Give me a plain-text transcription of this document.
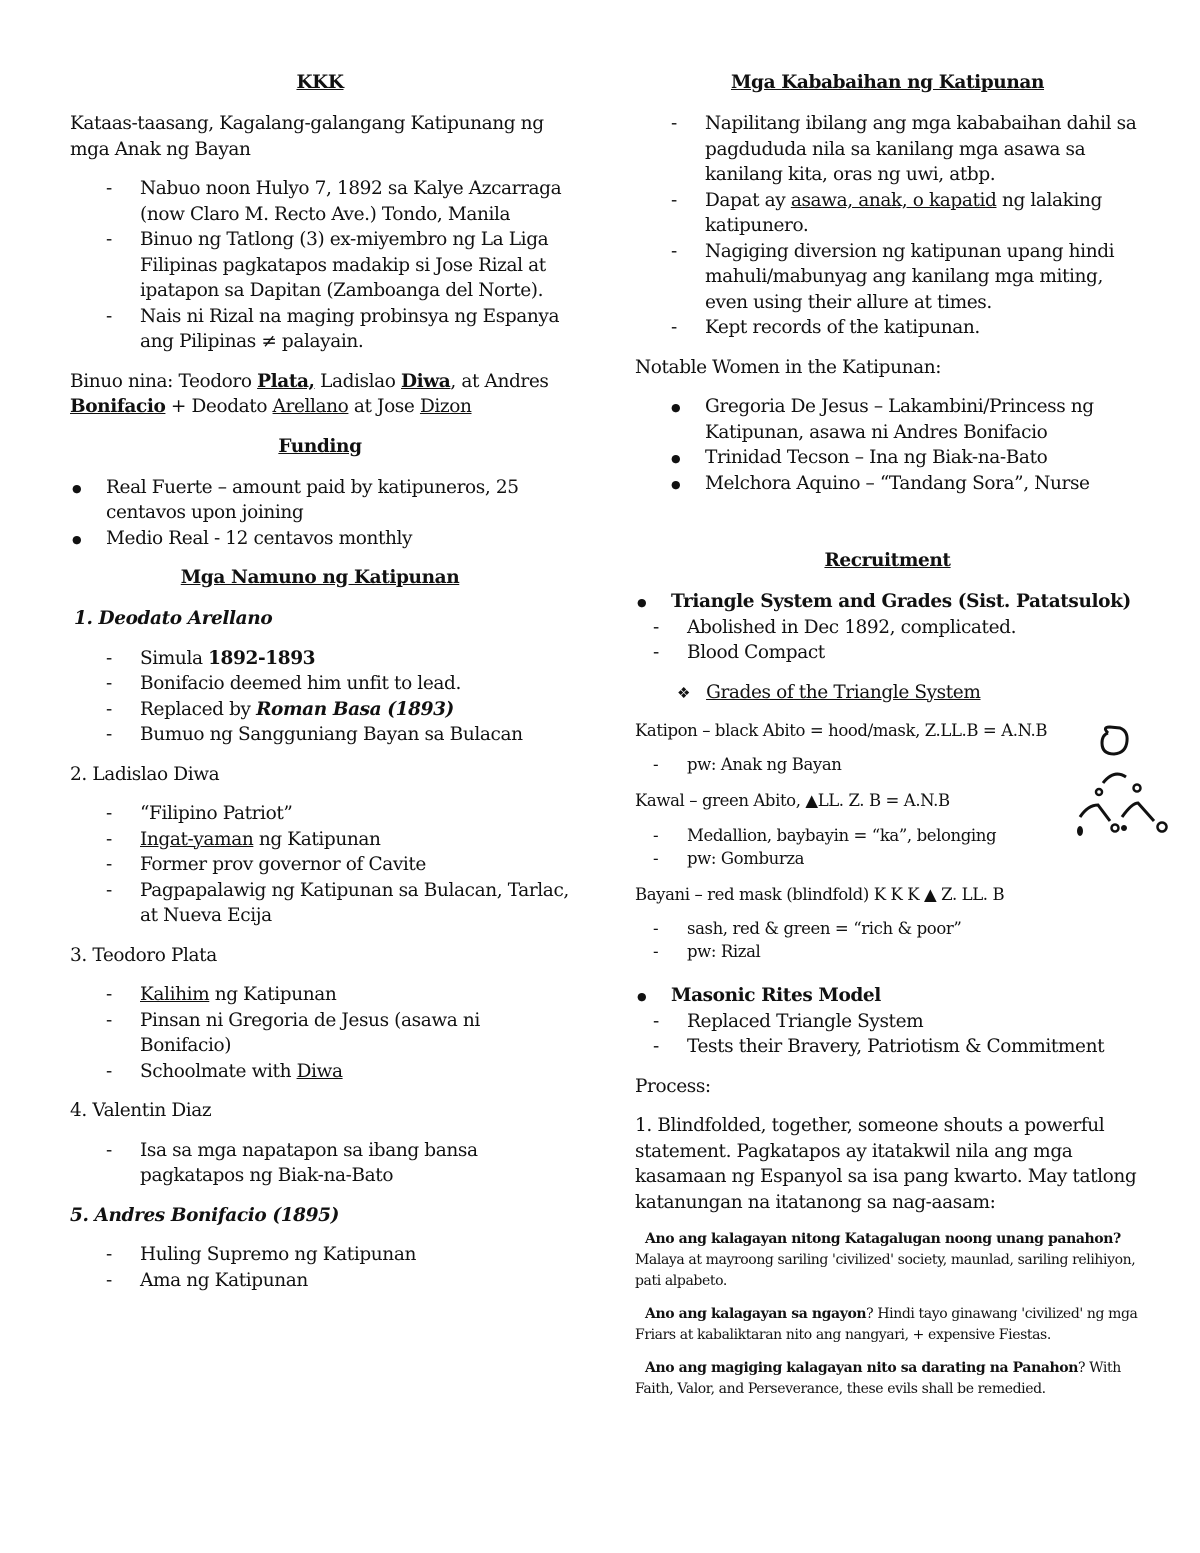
KKK

Kataas-taasang, Kagalang-galangang Katipunang ng mga Anak ng Bayan

- Nabuo noon Hulyo 7, 1892 sa Kalye Azcarraga (now Claro M. Recto Ave.) Tondo, Manila
- Binuo ng Tatlong (3) ex-miyembro ng La Liga Filipinas pagkatapos madakip si Jose Rizal at ipatapon sa Dapitan (Zamboanga del Norte).
- Nais ni Rizal na maging probinsya ng Espanya ang Pilipinas ≠ palayain.

Binuo nina: Teodoro Plata, Ladislao Diwa, at Andres Bonifacio + Deodato Arellano at Jose Dizon

Funding
● Real Fuerte – amount paid by katipuneros, 25 centavos upon joining
● Medio Real - 12 centavos monthly
Mga Namuno ng Katipunan

1. Deodato Arellano

- Simula 1892-1893
- Bonifacio deemed him unfit to lead.
- Replaced by Roman Basa (1893)
- Bumuo ng Sangguniang Bayan sa Bulacan

2. Ladislao Diwa

- “Filipino Patriot”
- Ingat-yaman ng Katipunan
- Former prov governor of Cavite
- Pagpapalawig ng Katipunan sa Bulacan, Tarlac, at Nueva Ecija

3. Teodoro Plata

- Kalihim ng Katipunan
- Pinsan ni Gregoria de Jesus (asawa ni Bonifacio)
- Schoolmate with Diwa

4. Valentin Diaz

- Isa sa mga napatapon sa ibang bansa pagkatapos ng Biak-na-Bato

5. Andres Bonifacio (1895)

- Huling Supremo ng Katipunan
- Ama ng Katipunan
Mga Kababaihan ng Katipunan
- Napilitang ibilang ang mga kababaihan dahil sa pagdududa nila sa kanilang mga asawa sa kanilang kita, oras ng uwi, atbp.
- Dapat ay asawa, anak, o kapatid ng lalaking katipunero.
- Nagiging diversion ng katipunan upang hindi mahuli/mabunyag ang kanilang mga miting, even using their allure at times.
- Kept records of the katipunan.

Notable Women in the Katipunan:

● Gregoria De Jesus – Lakambini/Princess ng Katipunan, asawa ni Andres Bonifacio
● Trinidad Tecson – Ina ng Biak-na-Bato
● Melchora Aquino – “Tandang Sora”, Nurse
Recruitment
● Triangle System and Grades (Sist. Patatsulok)
- Abolished in Dec 1892, complicated.
- Blood Compact
❖ Grades of the Triangle System

Katipon – black Abito = hood/mask, Z.LL.B = A.N.B

- pw: Anak ng Bayan

Kawal – green Abito, ▲LL. Z. B = A.N.B

- Medallion, baybayin = “ka”, belonging
- pw: Gomburza

Bayani – red mask (blindfold) K K K ▲ Z. LL. B

- sash, red & green = “rich & poor”
- pw: Rizal
● Masonic Rites Model
- Replaced Triangle System
- Tests their Bravery, Patriotism & Commitment

Process:

1. Blindfolded, together, someone shouts a powerful statement. Pagkatapos ay itatakwil nila ang mga kasamaan ng Espanyol sa isa pang kwarto. May tatlong katanungan na itatanong sa nag-aasam:

Ano ang kalagayan nitong Katagalugan noong unang panahon?
Malaya at mayroong sariling 'civilized' society, maunlad, sariling relihiyon, pati alpabeto.

Ano ang kalagayan sa ngayon? Hindi tayo ginawang 'civilized' ng mga Friars at kabaliktaran nito ang nangyari, + expensive Fiestas.

Ano ang magiging kalagayan nito sa darating na Panahon? With Faith, Valor, and Perseverance, these evils shall be remedied.
